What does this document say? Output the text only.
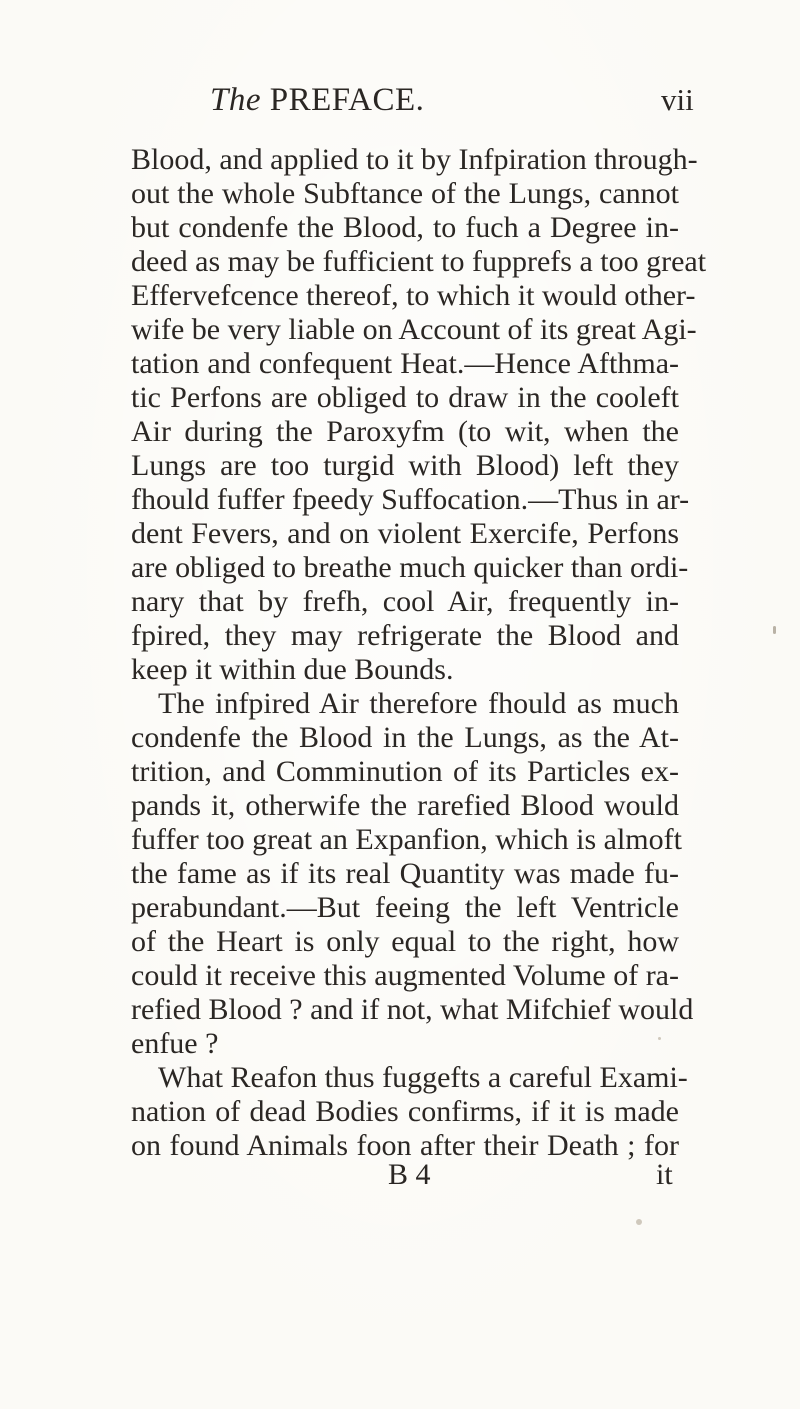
The PREFACE.	vii
Blood, and applied to it by Infpiration through-
out the whole Subftance of the Lungs, cannot
but condenfe the Blood, to fuch a Degree in-
deed as may be fufficient to fupprefs a too great
Effervefcence thereof, to which it would other-
wife be very liable on Account of its great Agi-
tation and confequent Heat.—Hence Afthma-
tic Perfons are obliged to draw in the cooleft
Air during the Paroxyfm (to wit, when the
Lungs are too turgid with Blood) left they
fhould fuffer fpeedy Suffocation.—Thus in ar-
dent Fevers, and on violent Exercife, Perfons
are obliged to breathe much quicker than ordi-
nary that by frefh, cool Air, frequently in-
fpired, they may refrigerate the Blood and
keep it within due Bounds.
The infpired Air therefore fhould as much
condenfe the Blood in the Lungs, as the At-
trition, and Comminution of its Particles ex-
pands it, otherwife the rarefied Blood would
fuffer too great an Expanfion, which is almoft
the fame as if its real Quantity was made fu-
perabundant.—But feeing the left Ventricle
of the Heart is only equal to the right, how
could it receive this augmented Volume of ra-
refied Blood ? and if not, what Mifchief would
enfue ?
What Reafon thus fuggefts a careful Exami-
nation of dead Bodies confirms, if it is made
on found Animals foon after their Death ; for
B 4	it
